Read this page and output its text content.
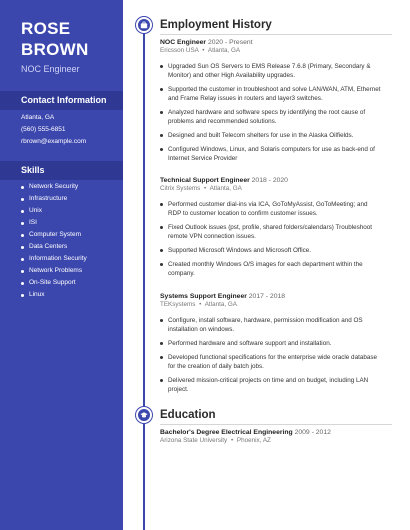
ROSE
BROWN
NOC Engineer
Contact Information
Atlanta, GA
(560) 555-6851
rbrown@example.com
Skills
Network Security
Infrastructure
Unix
ISI
Computer System
Data Centers
Information Security
Network Problems
On-Site Support
Linux
Employment History
NOC Engineer 2020 - Present
Ericsson USA • Atlanta, GA
Upgraded Sun OS Servers to EMS Release 7.6.8 (Primary, Secondary & Monitor) and other High Availability upgrades.
Supported the customer in troubleshoot and solve LAN/WAN, ATM, Ethernet and Frame Relay issues in routers and layer3 switches.
Analyzed hardware and software specs by identifying the root cause of problems and recommended solutions.
Designed and built Telecom shelters for use in the Alaska Oilfields.
Configured Windows, Linux, and Solaris computers for use as back-end of Internet Service Provider
Technical Support Engineer 2018 - 2020
Citrix Systems • Atlanta, GA
Performed customer dial-ins via ICA, GoToMyAssist, GoToMeeting; and RDP to customer location to confirm customer issues.
Fixed Outlook issues (pst, profile, shared folders/calendars) Troubleshoot remote VPN connection issues.
Supported Microsoft Windows and Microsoft Office.
Created monthly Windows O/S images for each department within the company.
Systems Support Engineer 2017 - 2018
TEKsystems • Atlanta, GA
Configure, install software, hardware, permission modification and OS installation on windows.
Performed hardware and software support and installation.
Developed functional specifications for the enterprise wide oracle database for the creation of daily batch jobs.
Delivered mission-critical projects on time and on budget, including LAN project.
Education
Bachelor's Degree Electrical Engineering 2009 - 2012
Arizona State University • Phoenix, AZ
